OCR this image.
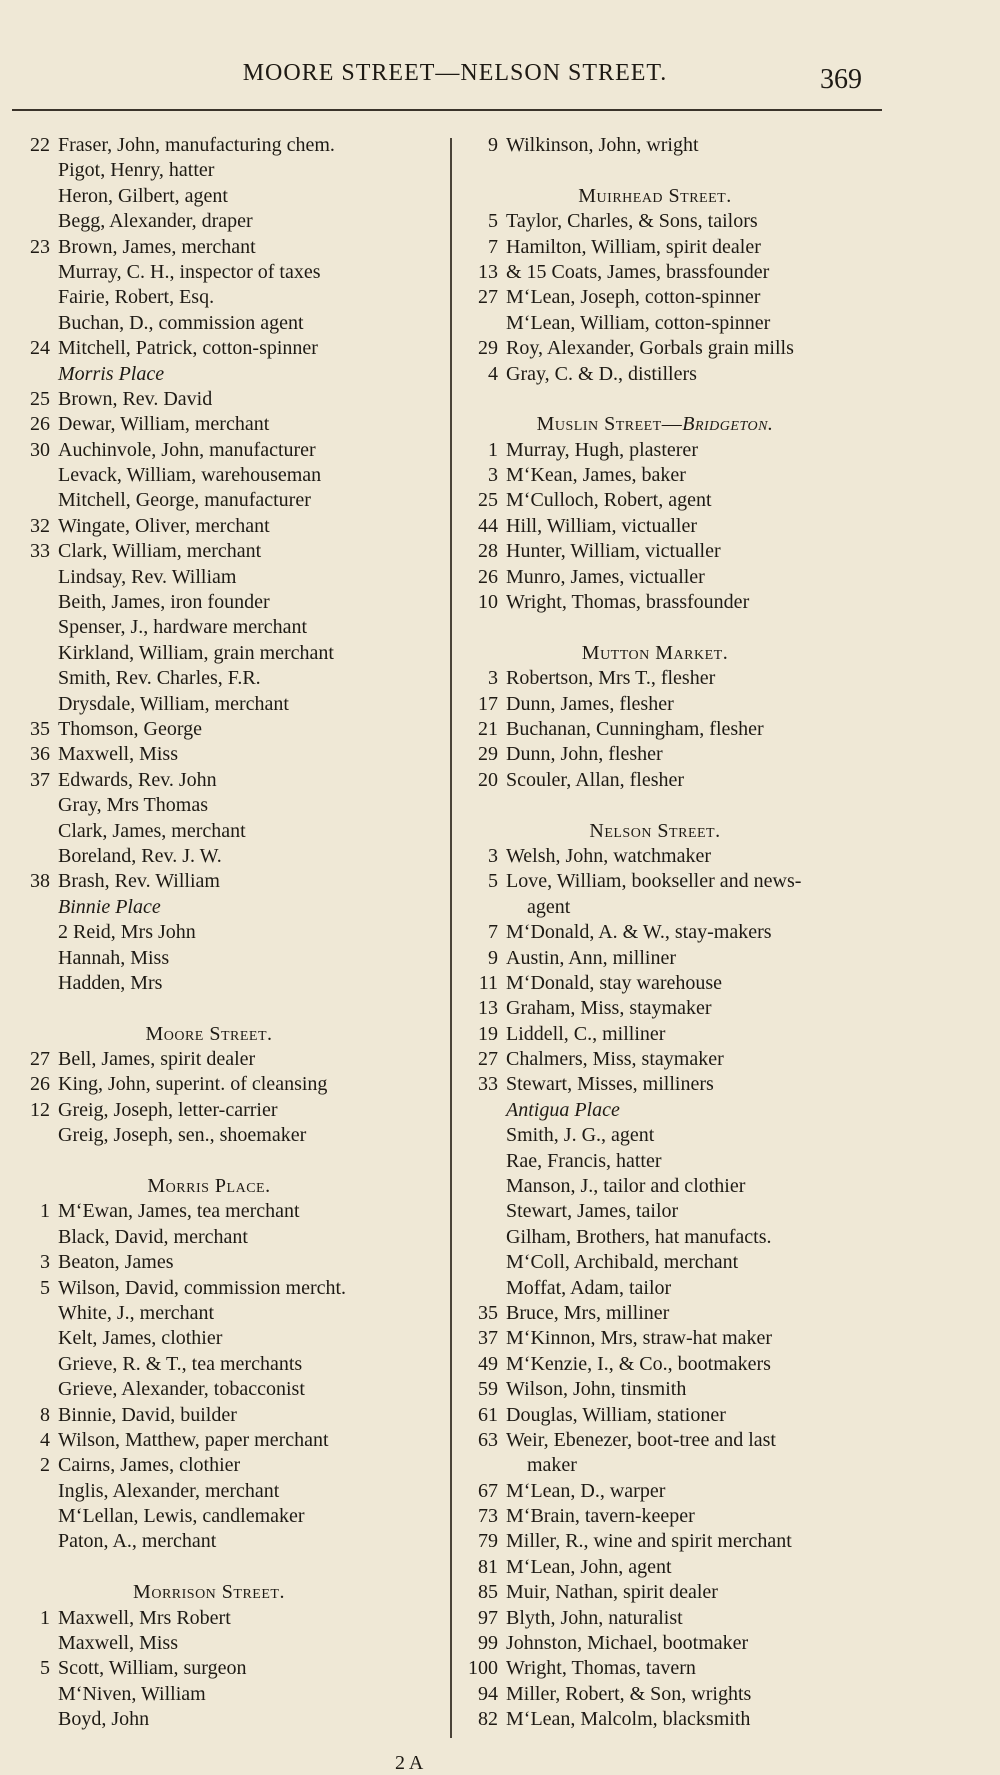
MOORE STREET—NELSON STREET.	369
22 Fraser, John, manufacturing chem.
Pigot, Henry, hatter
Heron, Gilbert, agent
Begg, Alexander, draper
23 Brown, James, merchant
Murray, C. H., inspector of taxes
Fairie, Robert, Esq.
Buchan, D., commission agent
24 Mitchell, Patrick, cotton-spinner
Morris Place
25 Brown, Rev. David
26 Dewar, William, merchant
30 Auchinvole, John, manufacturer
Levack, William, warehouseman
Mitchell, George, manufacturer
32 Wingate, Oliver, merchant
33 Clark, William, merchant
Lindsay, Rev. William
Beith, James, iron founder
Spenser, J., hardware merchant
Kirkland, William, grain merchant
Smith, Rev. Charles, F.R.
Drysdale, William, merchant
35 Thomson, George
36 Maxwell, Miss
37 Edwards, Rev. John
Gray, Mrs Thomas
Clark, James, merchant
Boreland, Rev. J. W.
38 Brash, Rev. William
Binnie Place
2 Reid, Mrs John
Hannah, Miss
Hadden, Mrs
Moore Street.
27 Bell, James, spirit dealer
26 King, John, superint. of cleansing
12 Greig, Joseph, letter-carrier
Greig, Joseph, sen., shoemaker
Morris Place.
1 M‘Ewan, James, tea merchant
Black, David, merchant
3 Beaton, James
5 Wilson, David, commission mercht.
White, J., merchant
Kelt, James, clothier
Grieve, R. & T., tea merchants
Grieve, Alexander, tobacconist
8 Binnie, David, builder
4 Wilson, Matthew, paper merchant
2 Cairns, James, clothier
Inglis, Alexander, merchant
M‘Lellan, Lewis, candlemaker
Paton, A., merchant
Morrison Street.
1 Maxwell, Mrs Robert
Maxwell, Miss
5 Scott, William, surgeon
M‘Niven, William
Boyd, John
9 Wilkinson, John, wright
Muirhead Street.
5 Taylor, Charles, & Sons, tailors
7 Hamilton, William, spirit dealer
13 & 15 Coats, James, brassfounder
27 M‘Lean, Joseph, cotton-spinner
M‘Lean, William, cotton-spinner
29 Roy, Alexander, Gorbals grain mills
4 Gray, C. & D., distillers
Muslin Street—Bridgeton.
1 Murray, Hugh, plasterer
3 M‘Kean, James, baker
25 M‘Culloch, Robert, agent
44 Hill, William, victualler
28 Hunter, William, victualler
26 Munro, James, victualler
10 Wright, Thomas, brassfounder
Mutton Market.
3 Robertson, Mrs T., flesher
17 Dunn, James, flesher
21 Buchanan, Cunningham, flesher
29 Dunn, John, flesher
20 Scouler, Allan, flesher
Nelson Street.
3 Welsh, John, watchmaker
5 Love, William, bookseller and news-
agent
7 M‘Donald, A. & W., stay-makers
9 Austin, Ann, milliner
11 M‘Donald, stay warehouse
13 Graham, Miss, staymaker
19 Liddell, C., milliner
27 Chalmers, Miss, staymaker
33 Stewart, Misses, milliners
Antigua Place
Smith, J. G., agent
Rae, Francis, hatter
Manson, J., tailor and clothier
Stewart, James, tailor
Gilham, Brothers, hat manufacts.
M‘Coll, Archibald, merchant
Moffat, Adam, tailor
35 Bruce, Mrs, milliner
37 M‘Kinnon, Mrs, straw-hat maker
49 M‘Kenzie, I., & Co., bootmakers
59 Wilson, John, tinsmith
61 Douglas, William, stationer
63 Weir, Ebenezer, boot-tree and last
maker
67 M‘Lean, D., warper
73 M‘Brain, tavern-keeper
79 Miller, R., wine and spirit merchant
81 M‘Lean, John, agent
85 Muir, Nathan, spirit dealer
97 Blyth, John, naturalist
99 Johnston, Michael, bootmaker
100 Wright, Thomas, tavern
94 Miller, Robert, & Son, wrights
82 M‘Lean, Malcolm, blacksmith
2 A
